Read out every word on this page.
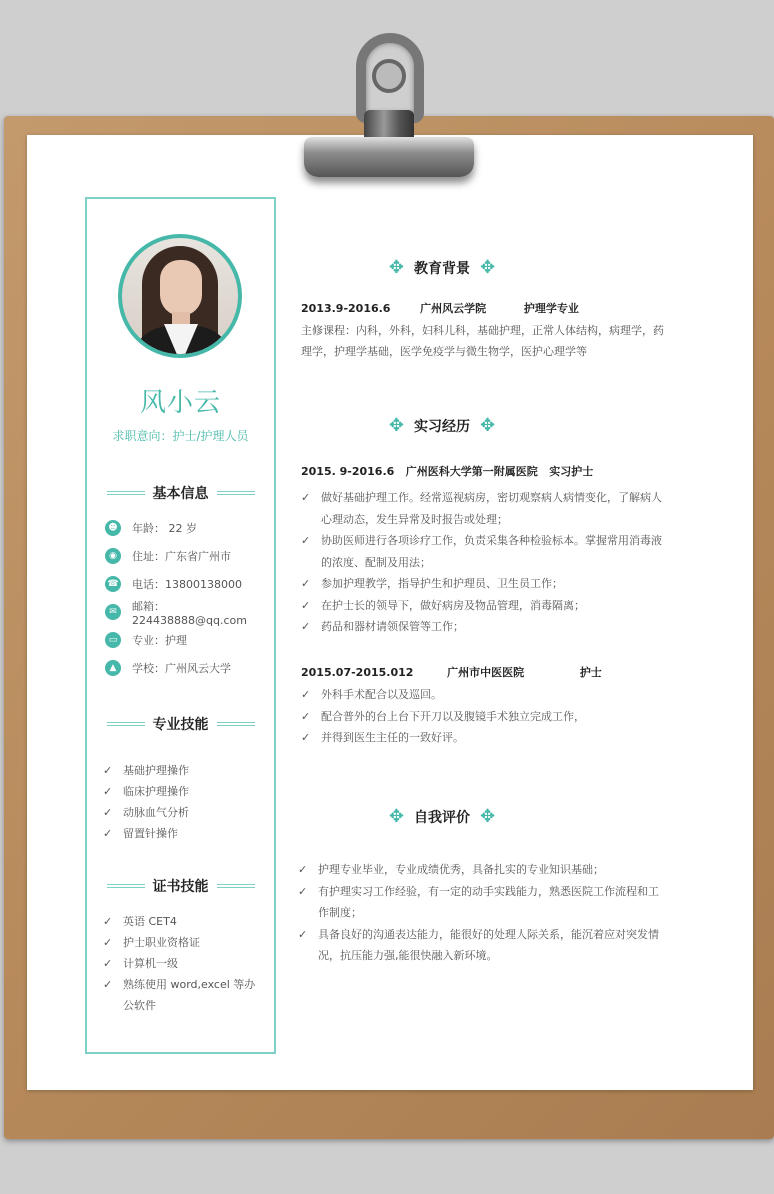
风小云
求职意向：护士/护理人员
基本信息
☻	年龄： 22 岁
◉	住址：广东省广州市
☎ 电话：13800138000
✉	邮箱：224438888@qq.com
▭	专业：护理
▲	学校：广州风云大学
专业技能
✓ 基础护理操作
✓ 临床护理操作
✓ 动脉血气分析
✓ 留置针操作
证书技能
✓ 英语 CET4
✓ 护士职业资格证
✓ 计算机一级
✓ 熟练使用 word,excel 等办公软件
✥ 教育背景 ✥
2013.9-2016.6	广州风云学院	护理学专业
主修课程：内科，外科，妇科儿科，基础护理，正常人体结构，病理学，药理学，护理学基础，医学免疫学与微生物学，医护心理学等
✥ 实习经历 ✥
2015. 9-2016.6   广州医科大学第一附属医院   实习护士
✓ 做好基础护理工作。经常巡视病房，密切观察病人病情变化，了解病人心理动态，发生异常及时报告或处理；
✓ 协助医师进行各项诊疗工作，负责采集各种检验标本。掌握常用消毒液的浓度、配制及用法；
✓ 参加护理教学，指导护生和护理员、卫生员工作；
✓ 在护士长的领导下，做好病房及物品管理，消毒隔离；
✓ 药品和器材请领保管等工作；
2015.07-2015.012	广州市中医医院	护士
✓ 外科手术配合以及巡回。
✓ 配合普外的台上台下开刀以及腹镜手术独立完成工作，
✓ 并得到医生主任的一致好评。
✥ 自我评价 ✥
✓ 护理专业毕业，专业成绩优秀，具备扎实的专业知识基础；
✓ 有护理实习工作经验，有一定的动手实践能力，熟悉医院工作流程和工作制度；
✓ 具备良好的沟通表达能力，能很好的处理人际关系，能沉着应对突发情况，抗压能力强,能很快融入新环境。
